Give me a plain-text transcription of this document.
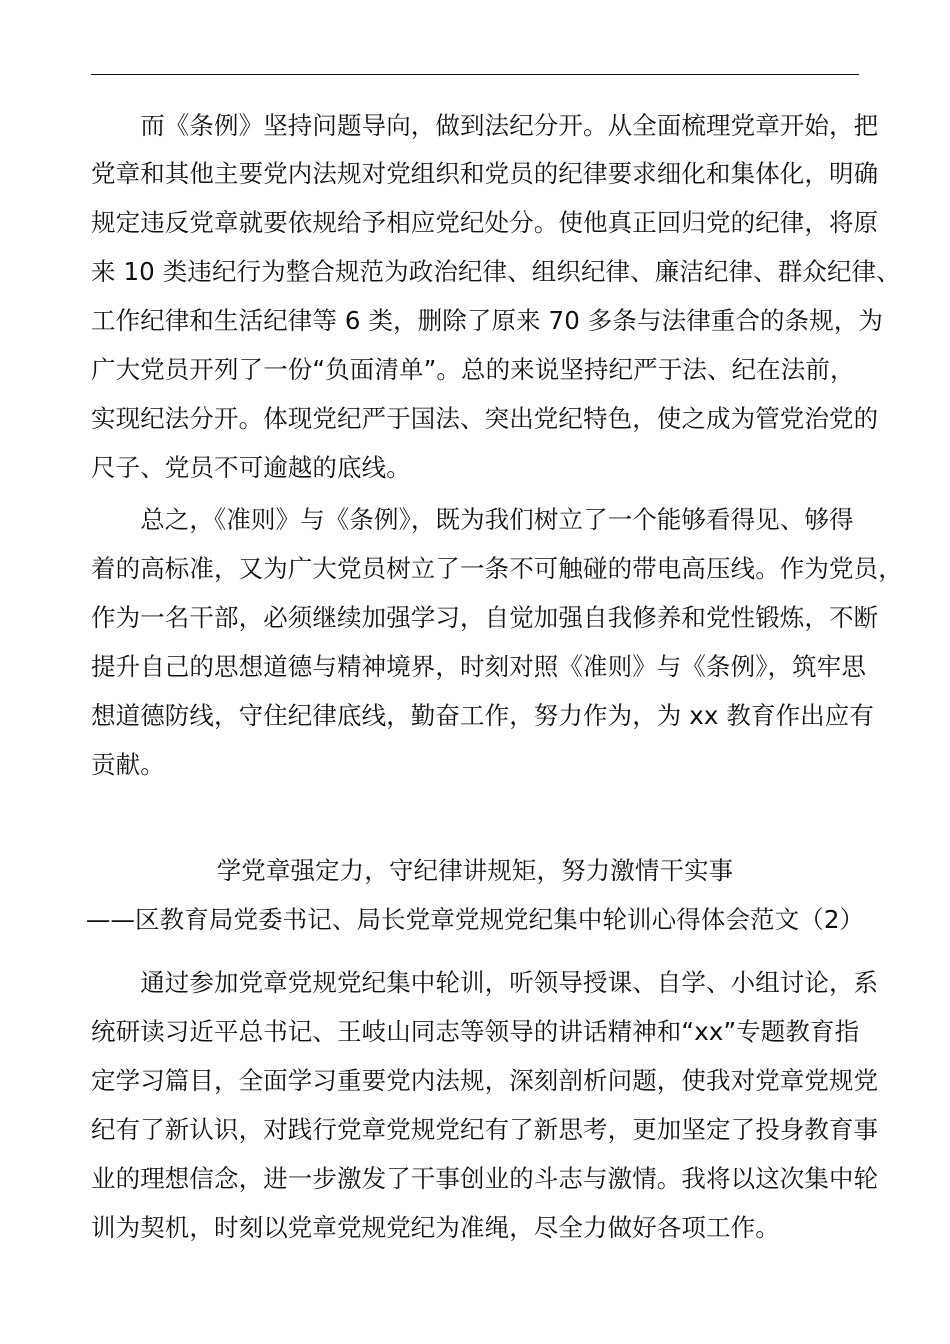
　　而《条例》坚持问题导向，做到法纪分开。从全面梳理党章开始，把
党章和其他主要党内法规对党组织和党员的纪律要求细化和集体化，明确
规定违反党章就要依规给予相应党纪处分。使他真正回归党的纪律，将原
来 10 类违纪行为整合规范为政治纪律、组织纪律、廉洁纪律、群众纪律、
工作纪律和生活纪律等 6 类，删除了原来 70 多条与法律重合的条规，为
广大党员开列了一份“负面清单”。总的来说坚持纪严于法、纪在法前，
实现纪法分开。体现党纪严于国法、突出党纪特色，使之成为管党治党的
尺子、党员不可逾越的底线。
　　总之，《准则》与《条例》，既为我们树立了一个能够看得见、够得
着的高标准，又为广大党员树立了一条不可触碰的带电高压线。作为党员，
作为一名干部，必须继续加强学习，自觉加强自我修养和党性锻炼，不断
提升自己的思想道德与精神境界，时刻对照《准则》与《条例》，筑牢思
想道德防线，守住纪律底线，勤奋工作，努力作为，为 xx 教育作出应有
贡献。
学党章强定力，守纪律讲规矩，努力激情干实事
——区教育局党委书记、局长党章党规党纪集中轮训心得体会范文（2）
　　通过参加党章党规党纪集中轮训，听领导授课、自学、小组讨论，系
统研读习近平总书记、王岐山同志等领导的讲话精神和“xx”专题教育指
定学习篇目，全面学习重要党内法规，深刻剖析问题，使我对党章党规党
纪有了新认识，对践行党章党规党纪有了新思考，更加坚定了投身教育事
业的理想信念，进一步激发了干事创业的斗志与激情。我将以这次集中轮
训为契机，时刻以党章党规党纪为准绳，尽全力做好各项工作。
